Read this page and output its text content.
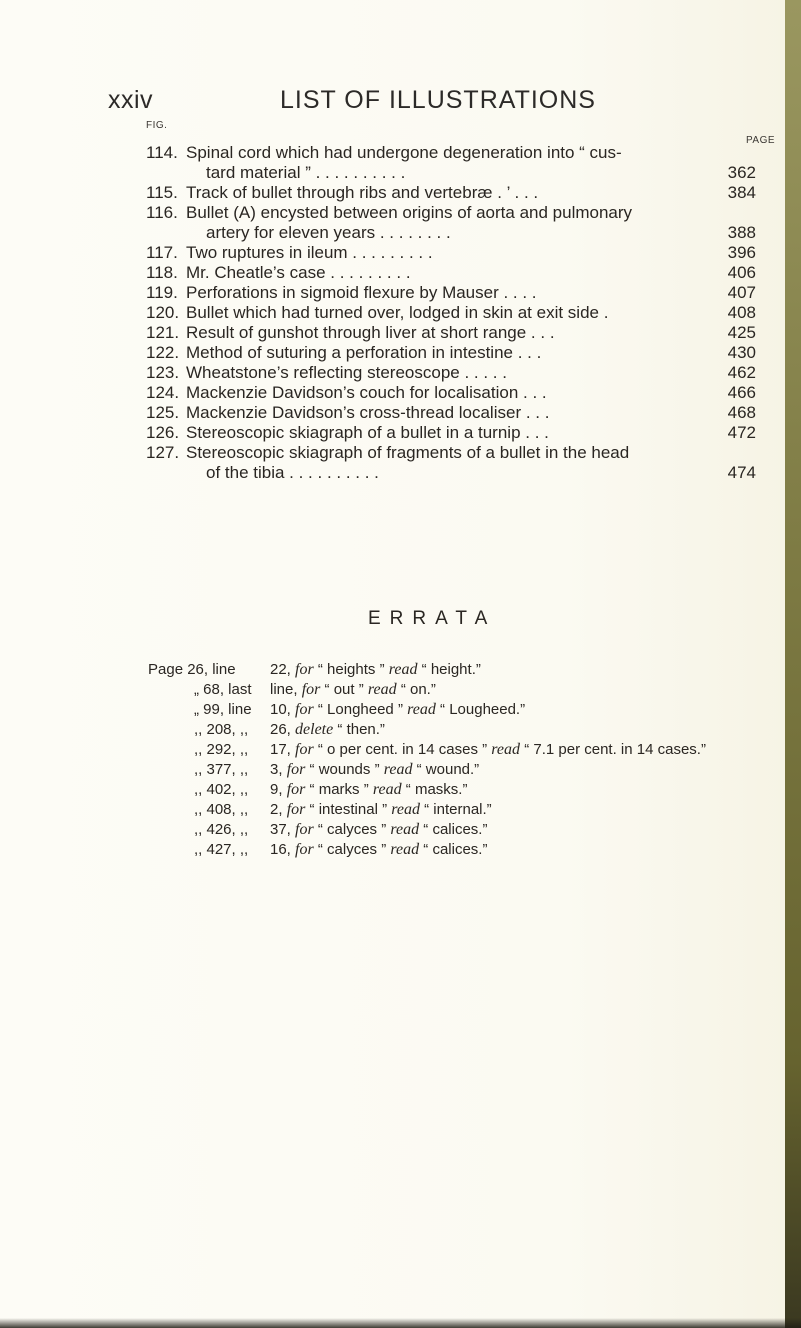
xxiv	LIST OF ILLUSTRATIONS
FIG.
PAGE
114. Spinal cord which had undergone degeneration into “ cus-
tard material ” . . . . . . . . . .	362
115. Track of bullet through ribs and vertebræ . ’ . . .	384
116. Bullet (A) encysted between origins of aorta and pulmonary
artery for eleven years . . . . . . . .	388
117. Two ruptures in ileum . . . . . . . . .	396
118. Mr. Cheatle’s case . . . . . . . . .	406
119. Perforations in sigmoid flexure by Mauser . . . .	407
120. Bullet which had turned over, lodged in skin at exit side .	408
121. Result of gunshot through liver at short range . . .	425
122. Method of suturing a perforation in intestine . . .	430
123. Wheatstone’s reflecting stereoscope . . . . .	462
124. Mackenzie Davidson’s couch for localisation . . .	466
125. Mackenzie Davidson’s cross-thread localiser . . .	468
126. Stereoscopic skiagraph of a bullet in a turnip . . .	472
127. Stereoscopic skiagraph of fragments of a bullet in the head
of the tibia . . . . . . . . . .	474
ERRATA
Page 26, line 22, for “ heights ” read “ height.”
„ 68, last line, for “ out ” read “ on.”
„ 99, line 10, for “ Longheed ” read “ Lougheed.”
,, 208, ,, 26, delete “ then.”
,, 292, ,, 17, for “ o per cent. in 14 cases ” read “ 7.1 per cent. in 14 cases.”
,, 377, ,, 3, for “ wounds ” read “ wound.”
,, 402, ,, 9, for “ marks ” read “ masks.”
,, 408, ,, 2, for “ intestinal ” read “ internal.”
,, 426, ,, 37, for “ calyces ” read “ calices.”
,, 427, ,, 16, for “ calyces ” read “ calices.”
